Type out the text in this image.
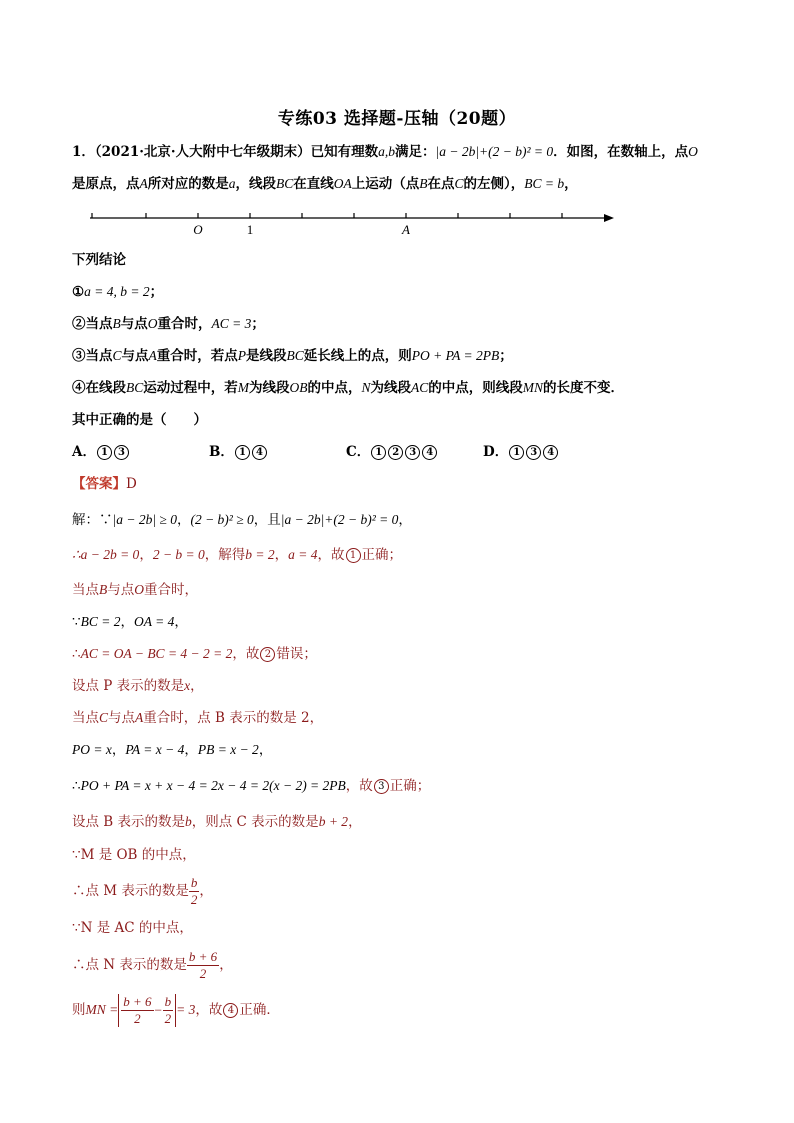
专练03 选择题-压轴（20题）
1．（2021·北京·人大附中七年级期末）已知有理数a,b满足：|a − 2b|+(2 − b)² = 0．如图，在数轴上，点O
是原点，点A所对应的数是a，线段BC在直线OA上运动（点B在点C的左侧），BC = b，
O	1	A
下列结论
①a = 4, b = 2；
②当点B与点O重合时，AC = 3；
③当点C与点A重合时，若点P是线段BC延长线上的点，则PO + PA = 2PB；
④在线段BC运动过程中，若M为线段OB的中点，N为线段AC的中点，则线段MN的长度不变．
其中正确的是（　　）
A． 1 3	B． 1 4	C． 1 2 3 4	D． 1 3 4
【答案】D
解：∵|a − 2b| ≥ 0，(2 − b)² ≥ 0，且|a − 2b|+(2 − b)² = 0，
∴a − 2b = 0，2 − b = 0，解得b = 2，a = 4，故 1 正确；
当点B与点O重合时，
∵BC = 2，OA = 4，
∴AC = OA − BC = 4 − 2 = 2，故 2 错误；
设点 P 表示的数是x，
当点C与点A重合时，点 B 表示的数是 2，
PO = x，PA = x − 4，PB = x − 2，
∴PO + PA = x + x − 4 = 2x − 4 = 2(x − 2) = 2PB，故 3 正确；
设点 B 表示的数是b，则点 C 表示的数是b + 2，
∵M 是 OB 的中点，
∴点 M 表示的数是 $\frac{b}{2}$ ，
∵N 是 AC 的中点，
∴点 N 表示的数是 $\frac{b + 6}{2}$ ，
则MN = $\frac{b + 6}{2} - \frac{b}{2} = 3$，故 4 正确．
